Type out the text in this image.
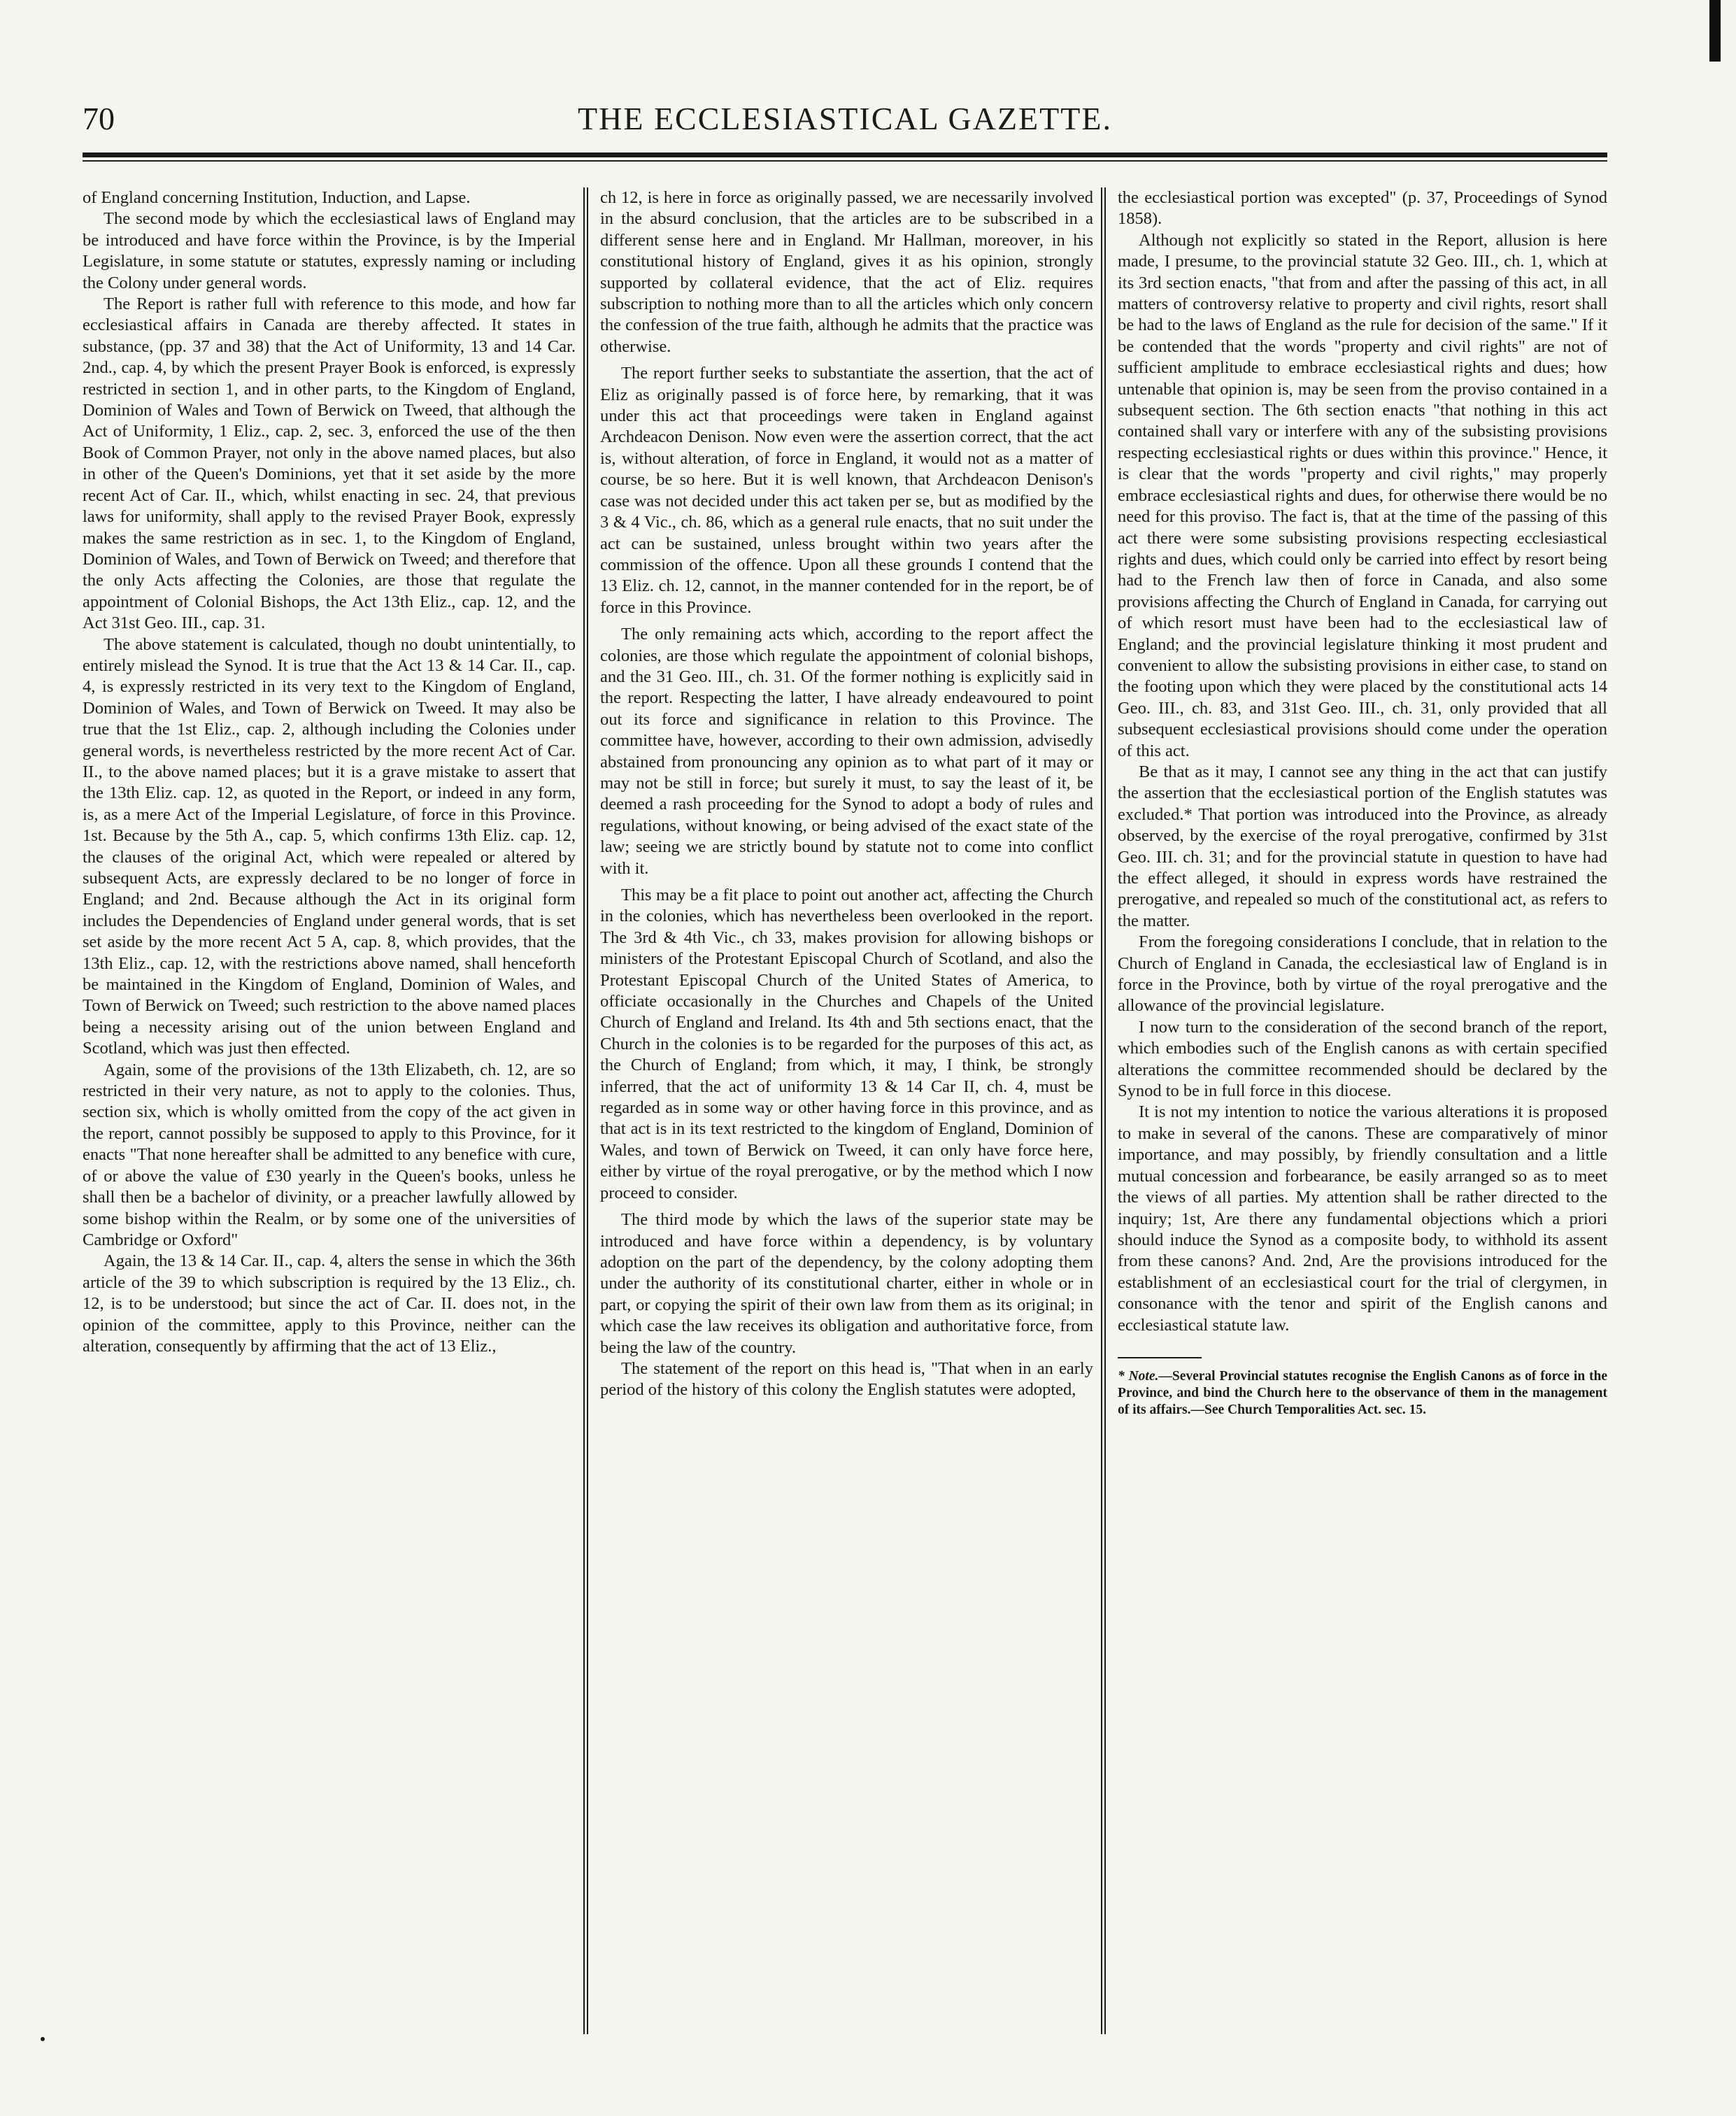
70	THE ECCLESIASTICAL GAZETTE.

of England concerning Institution, Induction, and Lapse.

The second mode by which the ecclesiastical laws of England may be introduced and have force within the Province, is by the Imperial Legislature, in some statute or statutes, expressly naming or including the Colony under general words.

The Report is rather full with reference to this mode, and how far ecclesiastical affairs in Canada are thereby affected. It states in substance, (pp. 37 and 38) that the Act of Uniformity, 13 and 14 Car. 2nd., cap. 4, by which the present Prayer Book is enforced, is expressly restricted in section 1, and in other parts, to the Kingdom of England, Dominion of Wales and Town of Berwick on Tweed, that although the Act of Uniformity, 1 Eliz., cap. 2, sec. 3, enforced the use of the then Book of Common Prayer, not only in the above named places, but also in other of the Queen's Dominions, yet that it set aside by the more recent Act of Car. II., which, whilst enacting in sec. 24, that previous laws for uniformity, shall apply to the revised Prayer Book, expressly makes the same restriction as in sec. 1, to the Kingdom of England, Dominion of Wales, and Town of Berwick on Tweed; and therefore that the only Acts affecting the Colonies, are those that regulate the appointment of Colonial Bishops, the Act 13th Eliz., cap. 12, and the Act 31st Geo. III., cap. 31.

The above statement is calculated, though no doubt unintentially, to entirely mislead the Synod. It is true that the Act 13 & 14 Car. II., cap. 4, is expressly restricted in its very text to the Kingdom of England, Dominion of Wales, and Town of Berwick on Tweed. It may also be true that the 1st Eliz., cap. 2, although including the Colonies under general words, is nevertheless restricted by the more recent Act of Car. II., to the above named places; but it is a grave mistake to assert that the 13th Eliz. cap. 12, as quoted in the Report, or indeed in any form, is, as a mere Act of the Imperial Legislature, of force in this Province. 1st. Because by the 5th A., cap. 5, which confirms 13th Eliz. cap. 12, the clauses of the original Act, which were repealed or altered by subsequent Acts, are expressly declared to be no longer of force in England; and 2nd. Because although the Act in its original form includes the Dependencies of England under general words, that is set set aside by the more recent Act 5 A, cap. 8, which provides, that the 13th Eliz., cap. 12, with the restrictions above named, shall henceforth be maintained in the Kingdom of England, Dominion of Wales, and Town of Berwick on Tweed; such restriction to the above named places being a necessity arising out of the union between England and Scotland, which was just then effected.

Again, some of the provisions of the 13th Elizabeth, ch. 12, are so restricted in their very nature, as not to apply to the colonies. Thus, section six, which is wholly omitted from the copy of the act given in the report, cannot possibly be supposed to apply to this Province, for it enacts "That none hereafter shall be admitted to any benefice with cure, of or above the value of £30 yearly in the Queen's books, unless he shall then be a bachelor of divinity, or a preacher lawfully allowed by some bishop within the Realm, or by some one of the universities of Cambridge or Oxford"

Again, the 13 & 14 Car. II., cap. 4, alters the sense in which the 36th article of the 39 to which subscription is required by the 13 Eliz., ch. 12, is to be understood; but since the act of Car. II. does not, in the opinion of the committee, apply to this Province, neither can the alteration, consequently by affirming that the act of 13 Eliz.,

ch 12, is here in force as originally passed, we are necessarily involved in the absurd conclusion, that the articles are to be subscribed in a different sense here and in England. Mr Hallman, moreover, in his constitutional history of England, gives it as his opinion, strongly supported by collateral evidence, that the act of Eliz. requires subscription to nothing more than to all the articles which only concern the confession of the true faith, although he admits that the practice was otherwise.

The report further seeks to substantiate the assertion, that the act of Eliz as originally passed is of force here, by remarking, that it was under this act that proceedings were taken in England against Archdeacon Denison. Now even were the assertion correct, that the act is, without alteration, of force in England, it would not as a matter of course, be so here. But it is well known, that Archdeacon Denison's case was not decided under this act taken per se, but as modified by the 3 & 4 Vic., ch. 86, which as a general rule enacts, that no suit under the act can be sustained, unless brought within two years after the commission of the offence. Upon all these grounds I contend that the 13 Eliz. ch. 12, cannot, in the manner contended for in the report, be of force in this Province.

The only remaining acts which, according to the report affect the colonies, are those which regulate the appointment of colonial bishops, and the 31 Geo. III., ch. 31. Of the former nothing is explicitly said in the report. Respecting the latter, I have already endeavoured to point out its force and significance in relation to this Province. The committee have, however, according to their own admission, advisedly abstained from pronouncing any opinion as to what part of it may or may not be still in force; but surely it must, to say the least of it, be deemed a rash proceeding for the Synod to adopt a body of rules and regulations, without knowing, or being advised of the exact state of the law; seeing we are strictly bound by statute not to come into conflict with it.

This may be a fit place to point out another act, affecting the Church in the colonies, which has nevertheless been overlooked in the report. The 3rd & 4th Vic., ch 33, makes provision for allowing bishops or ministers of the Protestant Episcopal Church of Scotland, and also the Protestant Episcopal Church of the United States of America, to officiate occasionally in the Churches and Chapels of the United Church of England and Ireland. Its 4th and 5th sections enact, that the Church in the colonies is to be regarded for the purposes of this act, as the Church of England; from which, it may, I think, be strongly inferred, that the act of uniformity 13 & 14 Car II, ch. 4, must be regarded as in some way or other having force in this province, and as that act is in its text restricted to the kingdom of England, Dominion of Wales, and town of Berwick on Tweed, it can only have force here, either by virtue of the royal prerogative, or by the method which I now proceed to consider.

The third mode by which the laws of the superior state may be introduced and have force within a dependency, is by voluntary adoption on the part of the dependency, by the colony adopting them under the authority of its constitutional charter, either in whole or in part, or copying the spirit of their own law from them as its original; in which case the law receives its obligation and authoritative force, from being the law of the country.

The statement of the report on this head is, "That when in an early period of the history of this colony the English statutes were adopted,

the ecclesiastical portion was excepted" (p. 37, Proceedings of Synod 1858).

Although not explicitly so stated in the Report, allusion is here made, I presume, to the provincial statute 32 Geo. III., ch. 1, which at its 3rd section enacts, "that from and after the passing of this act, in all matters of controversy relative to property and civil rights, resort shall be had to the laws of England as the rule for decision of the same." If it be contended that the words "property and civil rights" are not of sufficient amplitude to embrace ecclesiastical rights and dues; how untenable that opinion is, may be seen from the proviso contained in a subsequent section. The 6th section enacts "that nothing in this act contained shall vary or interfere with any of the subsisting provisions respecting ecclesiastical rights or dues within this province." Hence, it is clear that the words "property and civil rights," may properly embrace ecclesiastical rights and dues, for otherwise there would be no need for this proviso. The fact is, that at the time of the passing of this act there were some subsisting provisions respecting ecclesiastical rights and dues, which could only be carried into effect by resort being had to the French law then of force in Canada, and also some provisions affecting the Church of England in Canada, for carrying out of which resort must have been had to the ecclesiastical law of England; and the provincial legislature thinking it most prudent and convenient to allow the subsisting provisions in either case, to stand on the footing upon which they were placed by the constitutional acts 14 Geo. III., ch. 83, and 31st Geo. III., ch. 31, only provided that all subsequent ecclesiastical provisions should come under the operation of this act.

Be that as it may, I cannot see any thing in the act that can justify the assertion that the ecclesiastical portion of the English statutes was excluded.* That portion was introduced into the Province, as already observed, by the exercise of the royal prerogative, confirmed by 31st Geo. III. ch. 31; and for the provincial statute in question to have had the effect alleged, it should in express words have restrained the prerogative, and repealed so much of the constitutional act, as refers to the matter.

From the foregoing considerations I conclude, that in relation to the Church of England in Canada, the ecclesiastical law of England is in force in the Province, both by virtue of the royal prerogative and the allowance of the provincial legislature.

I now turn to the consideration of the second branch of the report, which embodies such of the English canons as with certain specified alterations the committee recommended should be declared by the Synod to be in full force in this diocese.

It is not my intention to notice the various alterations it is proposed to make in several of the canons. These are comparatively of minor importance, and may possibly, by friendly consultation and a little mutual concession and forbearance, be easily arranged so as to meet the views of all parties. My attention shall be rather directed to the inquiry; 1st, Are there any fundamental objections which a priori should induce the Synod as a composite body, to withhold its assent from these canons? And. 2nd, Are the provisions introduced for the establishment of an ecclesiastical court for the trial of clergymen, in consonance with the tenor and spirit of the English canons and ecclesiastical statute law.

* Note.—Several Provincial statutes recognise the English Canons as of force in the Province, and bind the Church here to the observance of them in the management of its affairs.—See Church Temporalities Act. sec. 15.
